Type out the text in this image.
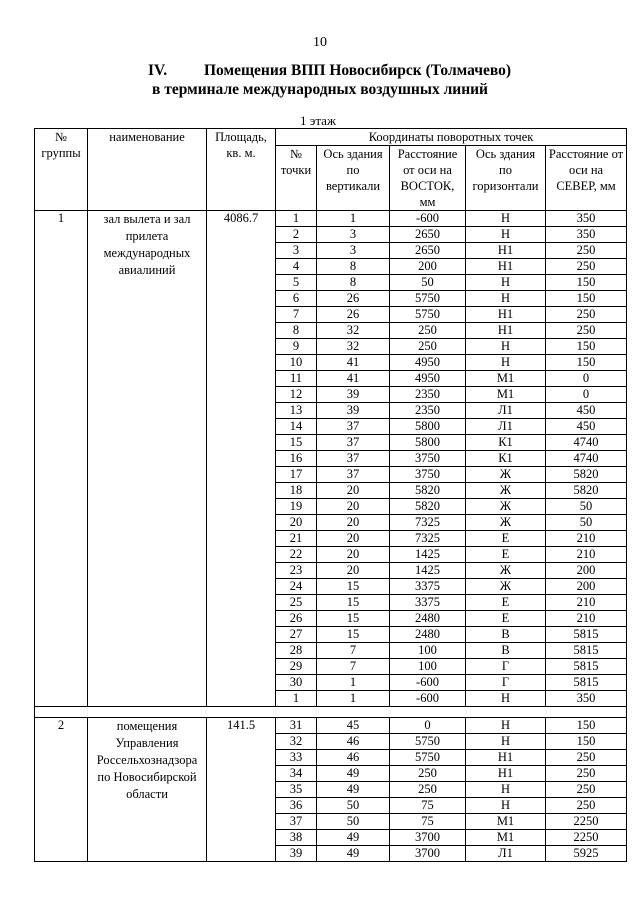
10
IV. Помещения ВПП Новосибирск (Толмачево)
в терминале международных воздушных линий
1 этаж
№ группы	наименование	Площадь, кв. м.	Координаты поворотных точек				
			№ точки	Ось здания по вертикали	Расстояние от оси на ВОСТОК, мм	Ось здания по горизонтали	Расстояние от оси на СЕВЕР, мм
1	зал вылета и зал прилета международных авиалиний	4086.7	1	1	-600	Н	350
			2	3	2650	Н	350
			3	3	2650	Н1	250
			4	8	200	Н1	250
			5	8	50	Н	150
			6	26	5750	Н	150
			7	26	5750	Н1	250
			8	32	250	Н1	250
			9	32	250	Н	150
			10	41	4950	Н	150
			11	41	4950	М1	0
			12	39	2350	М1	0
			13	39	2350	Л1	450
			14	37	5800	Л1	450
			15	37	5800	К1	4740
			16	37	3750	К1	4740
			17	37	3750	Ж	5820
			18	20	5820	Ж	5820
			19	20	5820	Ж	50
			20	20	7325	Ж	50
			21	20	7325	Е	210
			22	20	1425	Е	210
			23	20	1425	Ж	200
			24	15	3375	Ж	200
			25	15	3375	Е	210
			26	15	2480	Е	210
			27	15	2480	В	5815
			28	7	100	В	5815
			29	7	100	Г	5815
			30	1	-600	Г	5815
			1	1	-600	Н	350

2	помещения Управления Россельхознадзора по Новосибирской области	141.5	31	45	0	Н	150
			32	46	5750	Н	150
			33	46	5750	Н1	250
			34	49	250	Н1	250
			35	49	250	Н	250
			36	50	75	Н	250
			37	50	75	М1	2250
			38	49	3700	М1	2250
			39	49	3700	Л1	5925
